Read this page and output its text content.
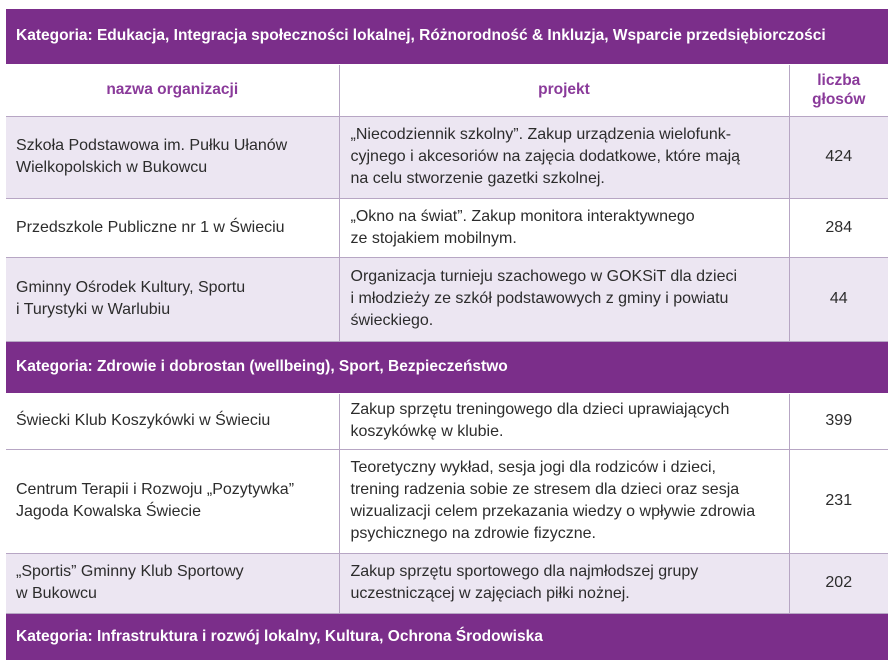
Kategoria: Edukacja, Integracja społeczności lokalnej, Różnorodność & Inkluzja, Wsparcie przedsiębiorczości		
nazwa organizacji	projekt	liczba
głosów
Szkoła Podstawowa im. Pułku Ułanów
Wielkopolskich w Bukowcu	„Niecodziennik szkolny”. Zakup urządzenia wielofunk-
cyjnego i akcesoriów na zajęcia dodatkowe, które mają
na celu stworzenie gazetki szkolnej.	424
Przedszkole Publiczne nr 1 w Świeciu	„Okno na świat”. Zakup monitora interaktywnego
ze stojakiem mobilnym.	284
Gminny Ośrodek Kultury, Sportu
i Turystyki w Warlubiu	Organizacja turnieju szachowego w GOKSiT dla dzieci
i młodzieży ze szkół podstawowych z gminy i powiatu
świeckiego.	44
Kategoria: Zdrowie i dobrostan (wellbeing), Sport, Bezpieczeństwo		
Świecki Klub Koszykówki w Świeciu	Zakup sprzętu treningowego dla dzieci uprawiających
koszykówkę w klubie.	399
Centrum Terapii i Rozwoju „Pozytywka”
Jagoda Kowalska Świecie	Teoretyczny wykład, sesja jogi dla rodziców i dzieci,
trening radzenia sobie ze stresem dla dzieci oraz sesja
wizualizacji celem przekazania wiedzy o wpływie zdrowia
psychicznego na zdrowie fizyczne.	231
„Sportis” Gminny Klub Sportowy
w Bukowcu	Zakup sprzętu sportowego dla najmłodszej grupy
uczestniczącej w zajęciach piłki nożnej.	202
Kategoria: Infrastruktura i rozwój lokalny, Kultura, Ochrona Środowiska		
